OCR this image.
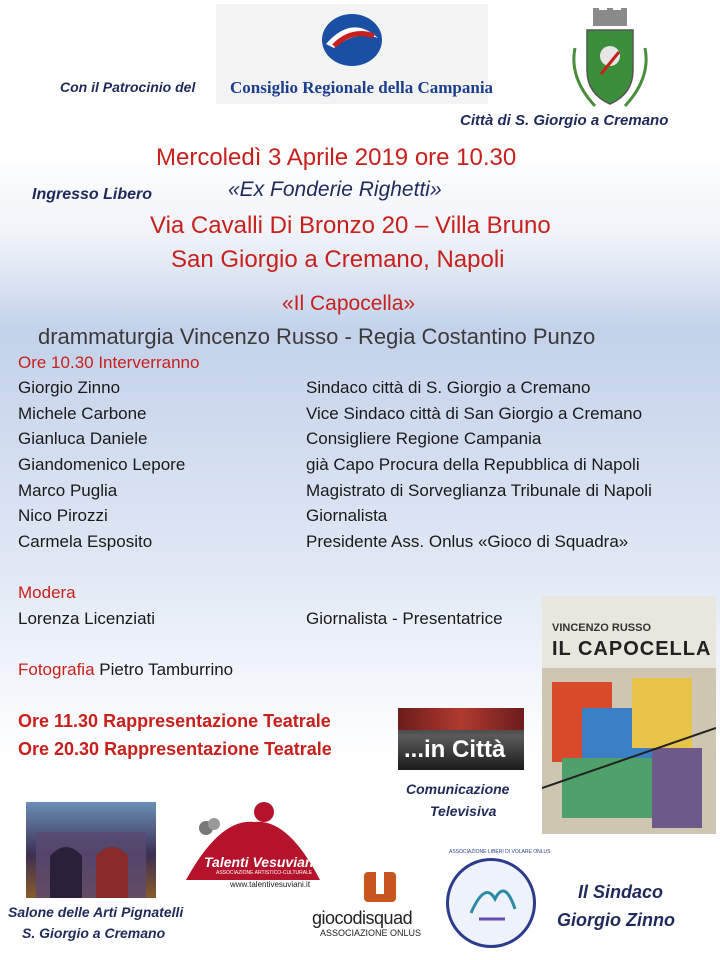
Con il Patrocinio del Consiglio Regionale della Campania
Città di S. Giorgio a Cremano
Mercoledì 3 Aprile 2019 ore 10.30
Ingresso Libero	«Ex Fonderie Righetti»
Via Cavalli Di Bronzo 20 – Villa Bruno
San Giorgio a Cremano, Napoli
«Il Capocella»
drammaturgia Vincenzo Russo - Regia Costantino Punzo
Ore 10.30 Interverranno
Giorgio Zinno	Sindaco città di S. Giorgio a Cremano
Michele Carbone	Vice Sindaco città di San Giorgio a Cremano
Gianluca Daniele	Consigliere Regione Campania
Giandomenico Lepore	già Capo Procura della Repubblica di Napoli
Marco Puglia	Magistrato di Sorveglianza Tribunale di Napoli
Nico Pirozzi	Giornalista
Carmela Esposito	Presidente Ass. Onlus «Gioco di Squadra»
Modera
Lorenza Licenziati	Giornalista - Presentatrice
Fotografia Pietro Tamburrino
Ore 11.30 Rappresentazione Teatrale
Ore 20.30 Rappresentazione Teatrale	...in Città
Comunicazione
Televisiva
VINCENZO RUSSO
IL CAPOCELLA
Salone delle Arti Pignatelli
S. Giorgio a Cremano
Talenti Vesuviani
ASSOCIAZIONE ARTISTICO-CULTURALE
www.talentivesuviani.it
giocodisquad
ASSOCIAZIONE ONLUS
ASSOCIAZIONE LIBERI DI VOLARE ONLUS
Il Sindaco
Giorgio Zinno
